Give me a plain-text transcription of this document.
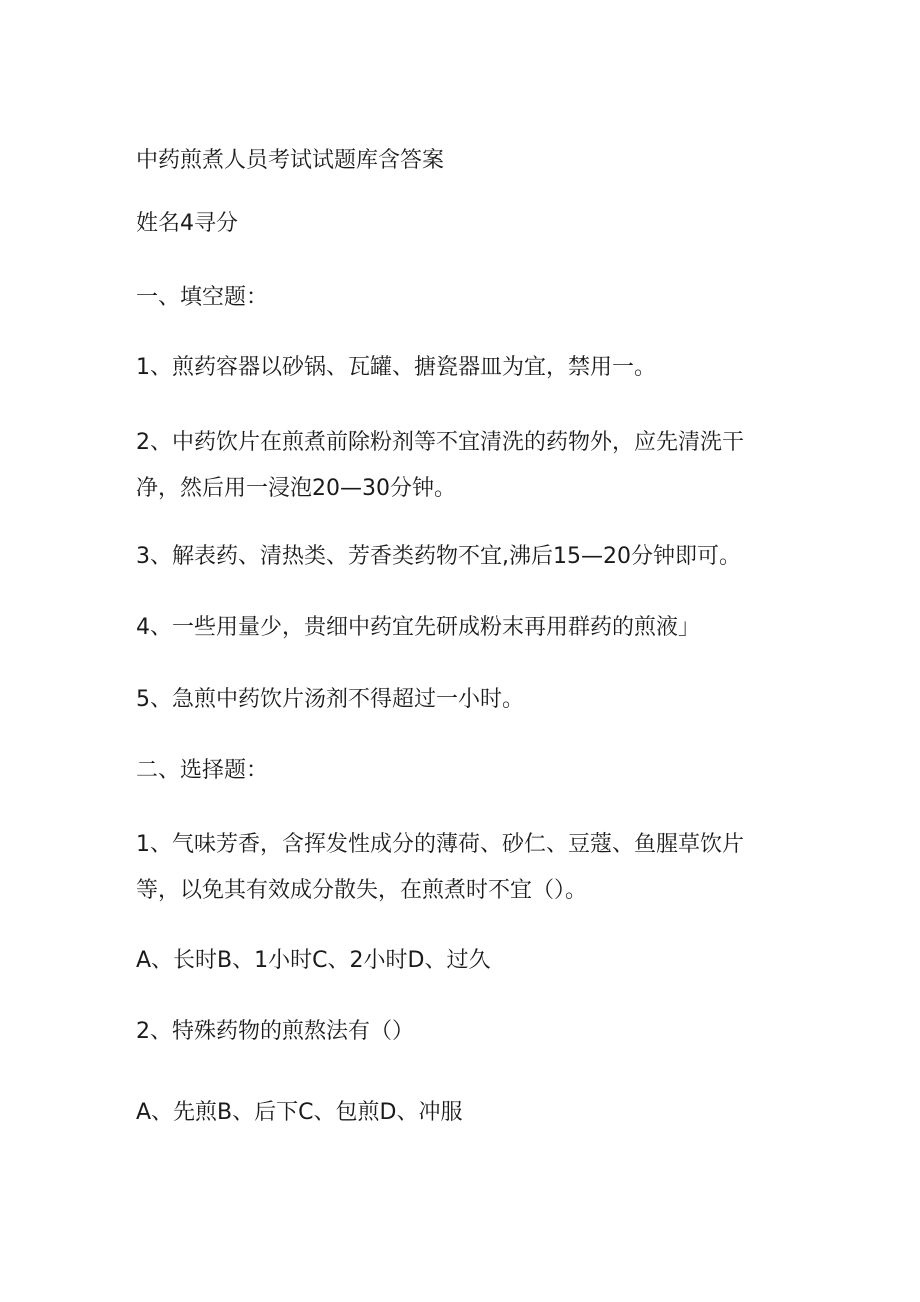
中药煎煮人员考试试题库含答案
姓名4寻分
一、填空题：
1、煎药容器以砂锅、瓦罐、搪瓷器皿为宜，禁用一。
2、中药饮片在煎煮前除粉剂等不宜清洗的药物外，应先清洗干净，然后用一浸泡20—30分钟。
3、解表药、清热类、芳香类药物不宜,沸后15—20分钟即可。
4、一些用量少，贵细中药宜先研成粉末再用群药的煎液」
5、急煎中药饮片汤剂不得超过一小时。
二、选择题：
1、气味芳香，含挥发性成分的薄荷、砂仁、豆蔻、鱼腥草饮片等，以免其有效成分散失，在煎煮时不宜（）。
A、长时B、1小时C、2小时D、过久
2、特殊药物的煎熬法有（）
A、先煎B、后下C、包煎D、冲服
